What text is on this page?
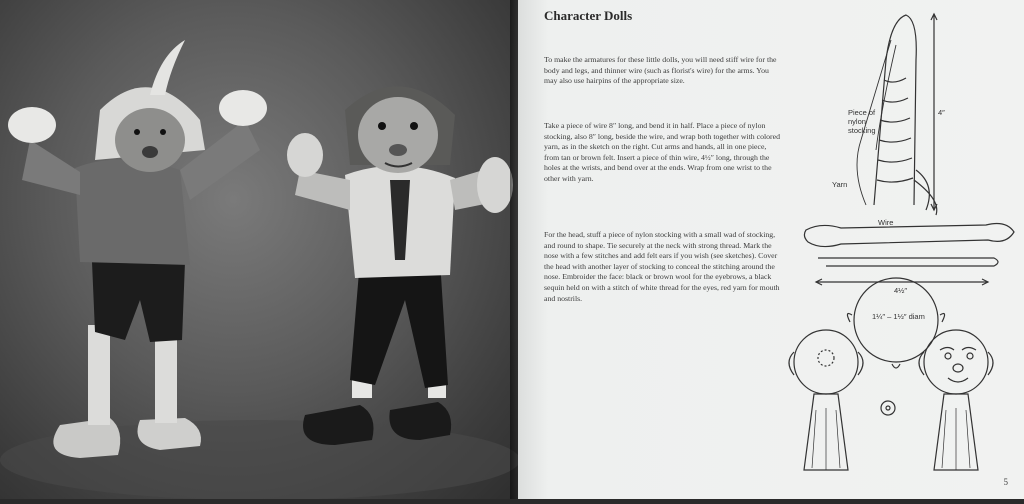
Character Dolls

To make the armatures for these little dolls, you will need stiff wire for the body and legs, and thinner wire (such as florist's wire) for the arms. You may also use hairpins of the appropriate size.

Take a piece of wire 8″ long, and bend it in half. Place a piece of nylon stocking, also 8″ long, beside the wire, and wrap both together with colored yarn, as in the sketch on the right. Cut arms and hands, all in one piece, from tan or brown felt. Insert a piece of thin wire, 4½″ long, through the holes at the wrists, and bend over at the ends. Wrap from one wrist to the other with yarn.

For the head, stuff a piece of nylon stocking with a small wad of stocking, and round to shape. Tie securely at the neck with strong thread. Mark the nose with a few stitches and add felt ears if you wish (see sketches). Cover the head with another layer of stocking to conceal the stitching around the nose. Embroider the face: black or brown wool for the eyebrows, a black sequin held on with a stitch of white thread for the eyes, red yarn for mouth and nostrils.

Piece of nylon stocking
4″
Yarn
Wire
4½″
1¼″ – 1½″ diam
5
